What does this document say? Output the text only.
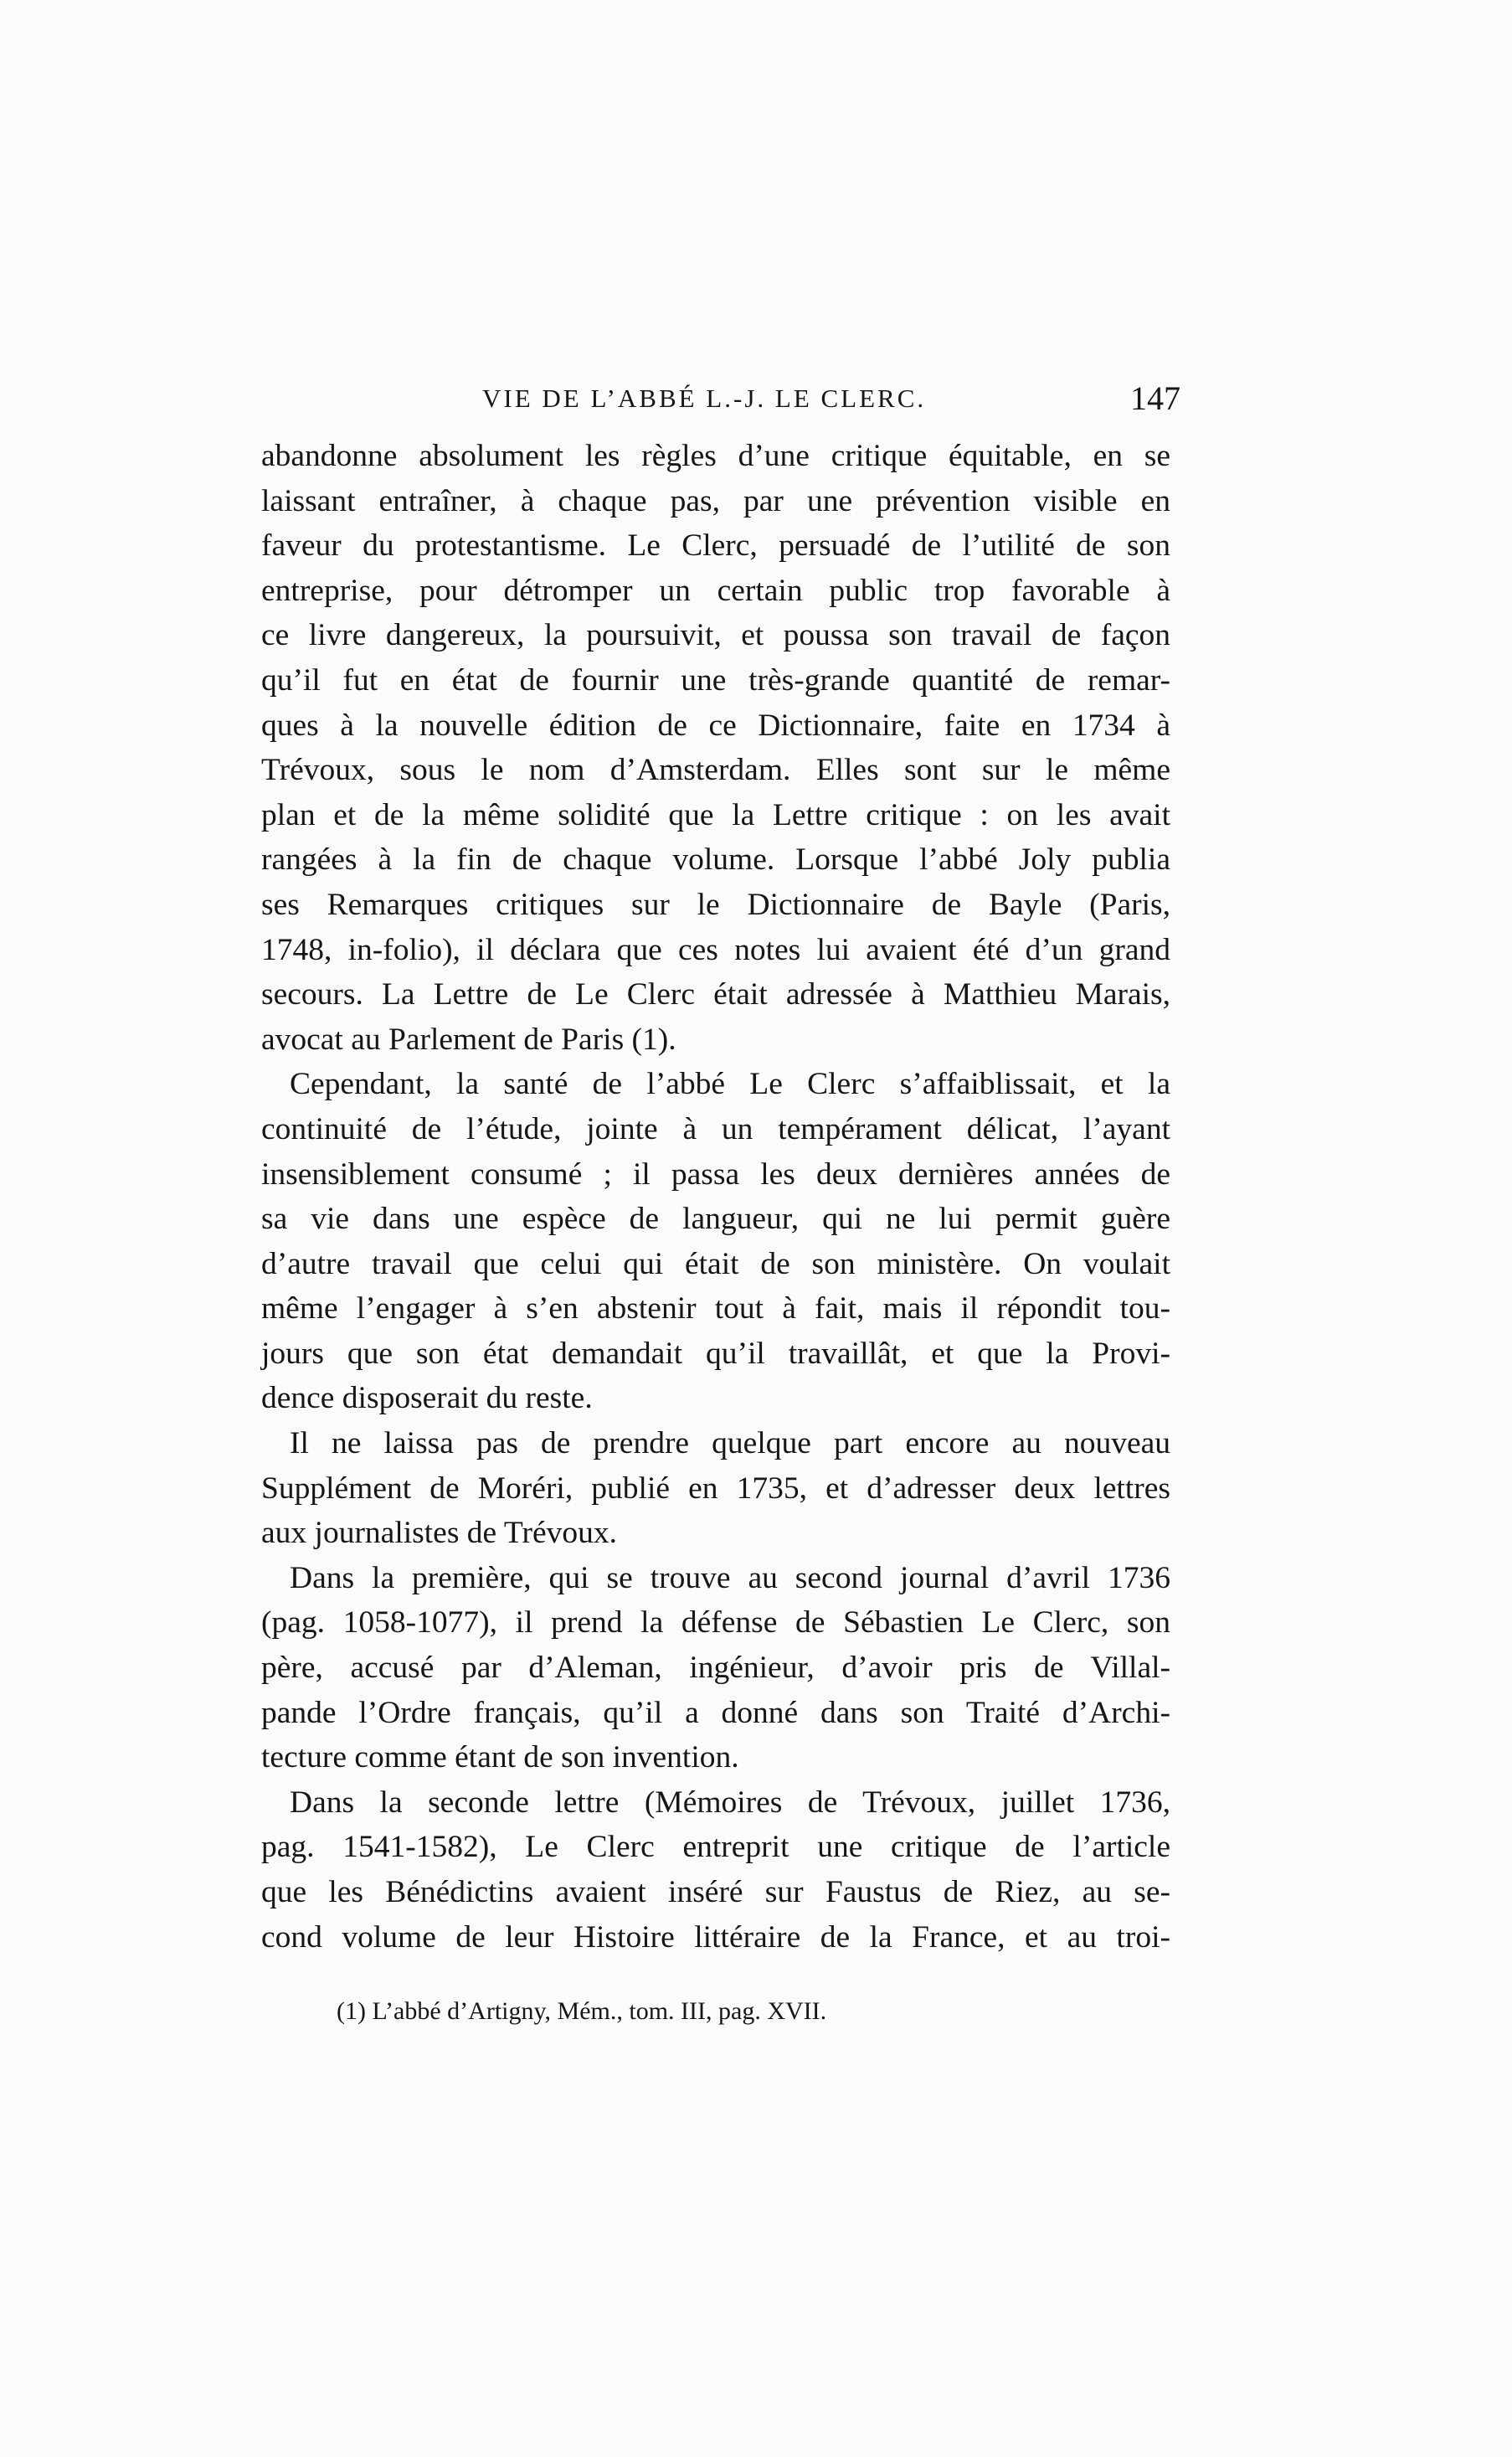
VIE DE L’ABBÉ L.-J. LE CLERC.	147

abandonne absolument les règles d’une critique équitable, en se
laissant entraîner, à chaque pas, par une prévention visible en
faveur du protestantisme. Le Clerc, persuadé de l’utilité de son
entreprise, pour détromper un certain public trop favorable à
ce livre dangereux, la poursuivit, et poussa son travail de façon
qu’il fut en état de fournir une très-grande quantité de remar-
ques à la nouvelle édition de ce Dictionnaire, faite en 1734 à
Trévoux, sous le nom d’Amsterdam. Elles sont sur le même
plan et de la même solidité que la Lettre critique : on les avait
rangées à la fin de chaque volume. Lorsque l’abbé Joly publia
ses Remarques critiques sur le Dictionnaire de Bayle (Paris,
1748, in-folio), il déclara que ces notes lui avaient été d’un grand
secours. La Lettre de Le Clerc était adressée à Matthieu Marais,
avocat au Parlement de Paris (1).

Cependant, la santé de l’abbé Le Clerc s’affaiblissait, et la
continuité de l’étude, jointe à un tempérament délicat, l’ayant
insensiblement consumé ; il passa les deux dernières années de
sa vie dans une espèce de langueur, qui ne lui permit guère
d’autre travail que celui qui était de son ministère. On voulait
même l’engager à s’en abstenir tout à fait, mais il répondit tou-
jours que son état demandait qu’il travaillât, et que la Provi-
dence disposerait du reste.

Il ne laissa pas de prendre quelque part encore au nouveau
Supplément de Moréri, publié en 1735, et d’adresser deux lettres
aux journalistes de Trévoux.

Dans la première, qui se trouve au second journal d’avril 1736
(pag. 1058-1077), il prend la défense de Sébastien Le Clerc, son
père, accusé par d’Aleman, ingénieur, d’avoir pris de Villal-
pande l’Ordre français, qu’il a donné dans son Traité d’Archi-
tecture comme étant de son invention.

Dans la seconde lettre (Mémoires de Trévoux, juillet 1736,
pag. 1541-1582), Le Clerc entreprit une critique de l’article
que les Bénédictins avaient inséré sur Faustus de Riez, au se-
cond volume de leur Histoire littéraire de la France, et au troi-

(1) L’abbé d’Artigny, Mém., tom. III, pag. XVII.
